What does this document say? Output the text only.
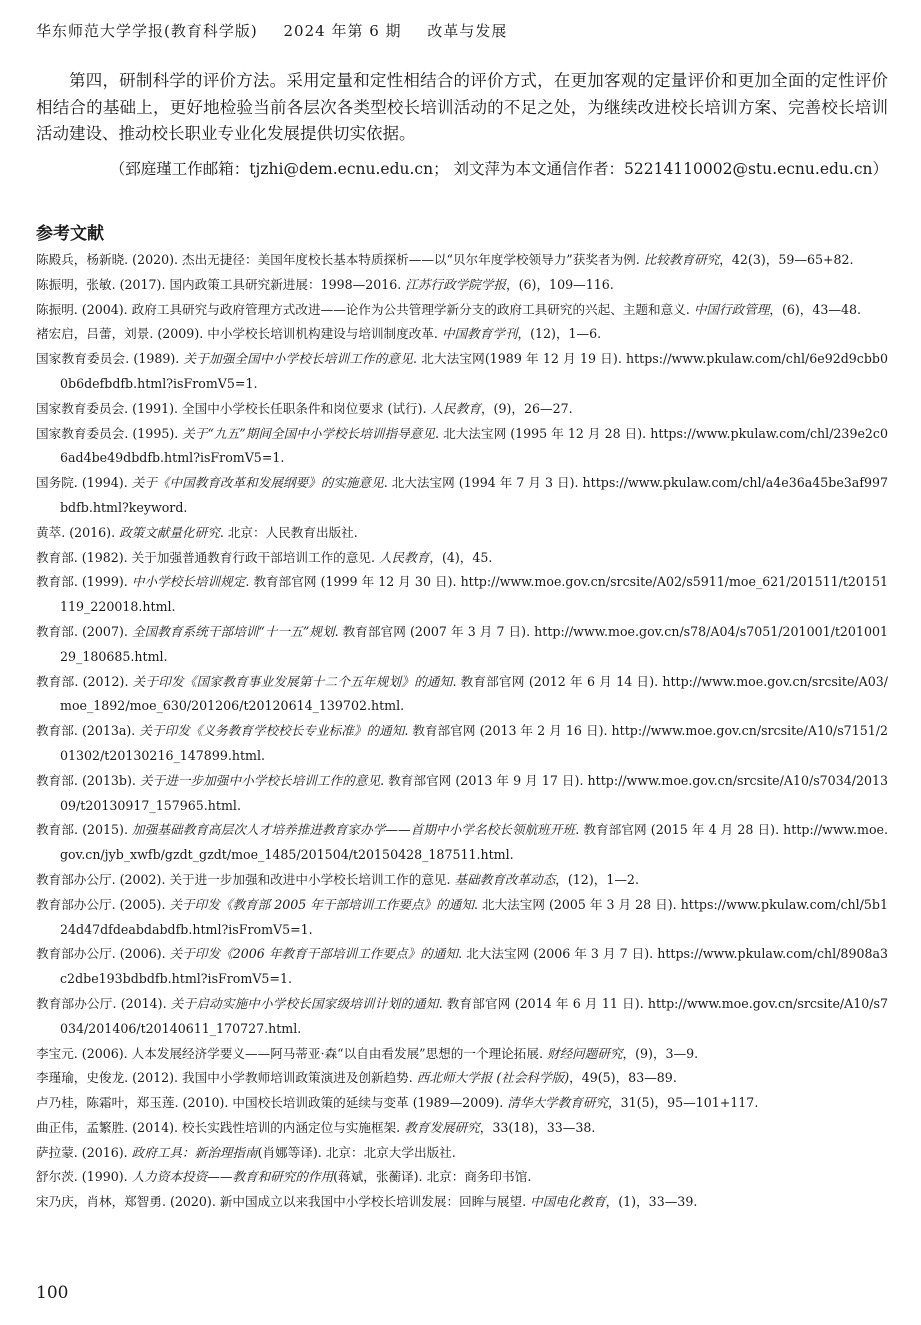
华东师范大学学报(教育科学版) 2024 年第 6 期 改革与发展

第四，研制科学的评价方法。采用定量和定性相结合的评价方式，在更加客观的定量评价和更加全面的定性评价相结合的基础上，更好地检验当前各层次各类型校长培训活动的不足之处，为继续改进校长培训方案、完善校长培训活动建设、推动校长职业专业化发展提供切实依据。

（郅庭瑾工作邮箱：tjzhi@dem.ecnu.edu.cn； 刘文萍为本文通信作者：52214110002@stu.ecnu.edu.cn）
参考文献
陈殿兵，杨新晓. (2020). 杰出无捷径：美国年度校长基本特质探析——以“贝尔年度学校领导力”获奖者为例. 比较教育研究，42(3)，59—65+82.
陈振明，张敏. (2017). 国内政策工具研究新进展：1998—2016. 江苏行政学院学报，(6)，109—116.
陈振明. (2004). 政府工具研究与政府管理方式改进——论作为公共管理学新分支的政府工具研究的兴起、主题和意义. 中国行政管理，(6)，43—48.
褚宏启，吕蕾，刘景. (2009). 中小学校长培训机构建设与培训制度改革. 中国教育学刊，(12)，1—6.
国家教育委员会. (1989). 关于加强全国中小学校长培训工作的意见. 北大法宝网(1989 年 12 月 19 日). https://www.pkulaw.com/chl/6e92d9cbb00b6defbdfb.html?isFromV5=1.
国家教育委员会. (1991). 全国中小学校长任职条件和岗位要求 (试行). 人民教育，(9)，26—27.
国家教育委员会. (1995). 关于“九五”期间全国中小学校长培训指导意见. 北大法宝网 (1995 年 12 月 28 日). https://www.pkulaw.com/chl/239e2c06ad4be49dbdfb.html?isFromV5=1.
国务院. (1994). 关于《中国教育改革和发展纲要》的实施意见. 北大法宝网 (1994 年 7 月 3 日). https://www.pkulaw.com/chl/a4e36a45be3af997bdfb.html?keyword.
黄萃. (2016). 政策文献量化研究. 北京：人民教育出版社.
教育部. (1982). 关于加强普通教育行政干部培训工作的意见. 人民教育，(4)，45.
教育部. (1999). 中小学校长培训规定. 教育部官网 (1999 年 12 月 30 日). http://www.moe.gov.cn/srcsite/A02/s5911/moe_621/201511/t20151119_220018.html.
教育部. (2007). 全国教育系统干部培训“十一五”规划. 教育部官网 (2007 年 3 月 7 日). http://www.moe.gov.cn/s78/A04/s7051/201001/t20100129_180685.html.
教育部. (2012). 关于印发《国家教育事业发展第十二个五年规划》的通知. 教育部官网 (2012 年 6 月 14 日). http://www.moe.gov.cn/srcsite/A03/moe_1892/moe_630/201206/t20120614_139702.html.
教育部. (2013a). 关于印发《义务教育学校校长专业标准》的通知. 教育部官网 (2013 年 2 月 16 日). http://www.moe.gov.cn/srcsite/A10/s7151/201302/t20130216_147899.html.
教育部. (2013b). 关于进一步加强中小学校长培训工作的意见. 教育部官网 (2013 年 9 月 17 日). http://www.moe.gov.cn/srcsite/A10/s7034/201309/t20130917_157965.html.
教育部. (2015). 加强基础教育高层次人才培养推进教育家办学——首期中小学名校长领航班开班. 教育部官网 (2015 年 4 月 28 日). http://www.moe.gov.cn/jyb_xwfb/gzdt_gzdt/moe_1485/201504/t20150428_187511.html.
教育部办公厅. (2002). 关于进一步加强和改进中小学校长培训工作的意见. 基础教育改革动态，(12)，1—2.
教育部办公厅. (2005). 关于印发《教育部 2005 年干部培训工作要点》的通知. 北大法宝网 (2005 年 3 月 28 日). https://www.pkulaw.com/chl/5b124d47dfdeabdabdfb.html?isFromV5=1.
教育部办公厅. (2006). 关于印发《2006 年教育干部培训工作要点》的通知. 北大法宝网 (2006 年 3 月 7 日). https://www.pkulaw.com/chl/8908a3c2dbe193bdbdfb.html?isFromV5=1.
教育部办公厅. (2014). 关于启动实施中小学校长国家级培训计划的通知. 教育部官网 (2014 年 6 月 11 日). http://www.moe.gov.cn/srcsite/A10/s7034/201406/t20140611_170727.html.
李宝元. (2006). 人本发展经济学要义——阿马蒂亚·森“以自由看发展”思想的一个理论拓展. 财经问题研究，(9)，3—9.
李瑾瑜，史俊龙. (2012). 我国中小学教师培训政策演进及创新趋势. 西北师大学报 (社会科学版)，49(5)，83—89.
卢乃桂，陈霜叶，郑玉莲. (2010). 中国校长培训政策的延续与变革 (1989—2009). 清华大学教育研究，31(5)，95—101+117.
曲正伟，孟繁胜. (2014). 校长实践性培训的内涵定位与实施框架. 教育发展研究，33(18)，33—38.
萨拉蒙. (2016). 政府工具：新治理指南(肖娜等译). 北京：北京大学出版社.
舒尔茨. (1990). 人力资本投资——教育和研究的作用(蒋斌，张蘅译). 北京：商务印书馆.
宋乃庆，肖林，郑智勇. (2020). 新中国成立以来我国中小学校长培训发展：回眸与展望. 中国电化教育，(1)，33—39.
100
